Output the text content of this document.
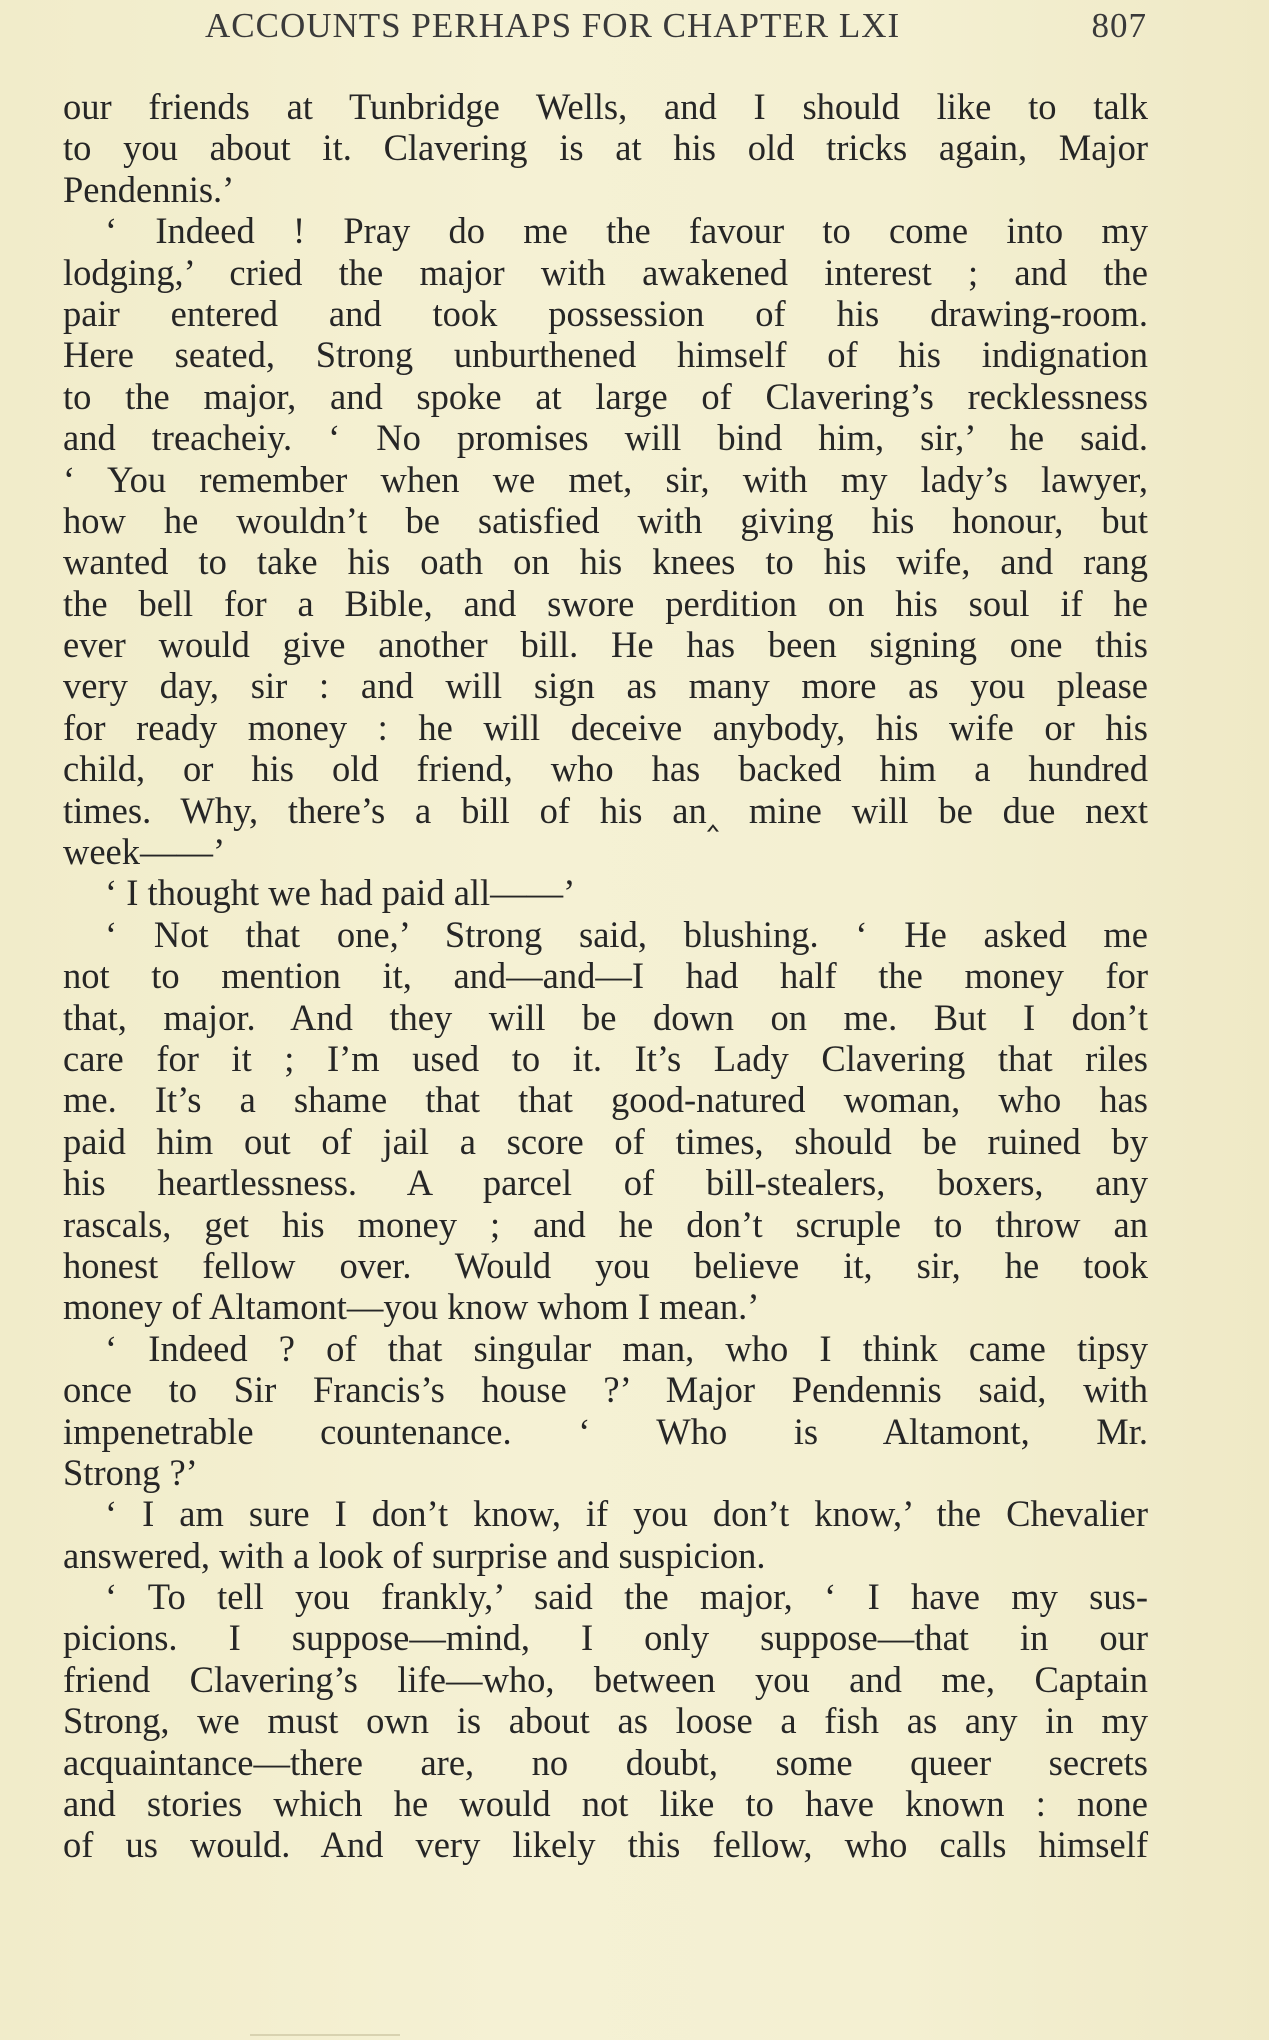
ACCOUNTS PERHAPS FOR CHAPTER LXI	807
our friends at Tunbridge Wells, and I should like to talk
to you about it. Clavering is at his old tricks again, Major
Pendennis.’
‘ Indeed ! Pray do me the favour to come into my
lodging,’ cried the major with awakened interest ; and the
pair entered and took possession of his drawing-room.
Here seated, Strong unburthened himself of his indignation
to the major, and spoke at large of Clavering’s recklessness
and treacheiy. ‘ No promises will bind him, sir,’ he said.
‘ You remember when we met, sir, with my lady’s lawyer,
how he wouldn’t be satisfied with giving his honour, but
wanted to take his oath on his knees to his wife, and rang
the bell for a Bible, and swore perdition on his soul if he
ever would give another bill. He has been signing one this
very day, sir : and will sign as many more as you please
for ready money : he will deceive anybody, his wife or his
child, or his old friend, who has backed him a hundred
times. Why, there’s a bill of his an‸ mine will be due next
week——’
‘ I thought we had paid all——’
‘ Not that one,’ Strong said, blushing. ‘ He asked me
not to mention it, and—and—I had half the money for
that, major. And they will be down on me. But I don’t
care for it ; I’m used to it. It’s Lady Clavering that riles
me. It’s a shame that that good-natured woman, who has
paid him out of jail a score of times, should be ruined by
his heartlessness. A parcel of bill-stealers, boxers, any
rascals, get his money ; and he don’t scruple to throw an
honest fellow over. Would you believe it, sir, he took
money of Altamont—you know whom I mean.’
‘ Indeed ? of that singular man, who I think came tipsy
once to Sir Francis’s house ?’ Major Pendennis said, with
impenetrable countenance. ‘ Who is Altamont, Mr.
Strong ?’
‘ I am sure I don’t know, if you don’t know,’ the Chevalier
answered, with a look of surprise and suspicion.
‘ To tell you frankly,’ said the major, ‘ I have my sus-
picions. I suppose—mind, I only suppose—that in our
friend Clavering’s life—who, between you and me, Captain
Strong, we must own is about as loose a fish as any in my
acquaintance—there are, no doubt, some queer secrets
and stories which he would not like to have known : none
of us would. And very likely this fellow, who calls himself
